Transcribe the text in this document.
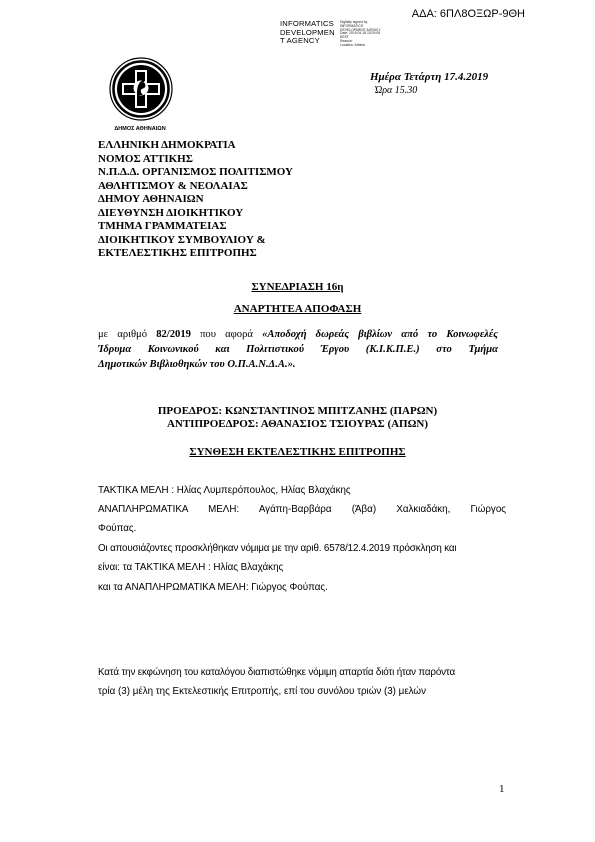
ΑΔΑ: 6ΠΛ8ΟΞΩΡ-9ΘΗ
INFORMATICS
DEVELOPMEN
T AGENCY
Digitally signed by
INFORMATICS
DEVELOPMENT AGENCY
Date: 2019.04.18 15:29:05
EEST
Reason:
Location: Athens
ΔΗΜΟΣ ΑΘΗΝΑΙΩΝ
Ημέρα Τετάρτη 17.4.2019
Ώρα 15.30
ΕΛΛΗΝΙΚΗ ΔΗΜΟΚΡΑΤΙΑ
ΝΟΜΟΣ ΑΤΤΙΚΗΣ
Ν.Π.Δ.Δ. ΟΡΓΑΝΙΣΜΟΣ ΠΟΛΙΤΙΣΜΟΥ
ΑΘΛΗΤΙΣΜΟΥ & ΝΕΟΛΑΙΑΣ
ΔΗΜΟΥ ΑΘΗΝΑΙΩΝ
ΔΙΕΥΘΥΝΣΗ ΔΙΟΙΚΗΤΙΚΟΥ
ΤΜΗΜΑ ΓΡΑΜΜΑΤΕΙΑΣ
ΔΙΟΙΚΗΤΙΚΟΥ ΣΥΜΒΟΥΛΙΟΥ &
ΕΚΤΕΛΕΣΤΙΚΗΣ ΕΠΙΤΡΟΠΗΣ
ΣΥΝΕΔΡΙΑΣΗ 16η
ΑΝΑΡΤΗΤΕΑ ΑΠΟΦΑΣΗ
με αριθμό 82/2019 που αφορά «Αποδοχή δωρεάς βιβλίων από το Κοινωφελές
Ίδρυμα Κοινωνικού και Πολιτιστικού Έργου (Κ.Ι.Κ.Π.Ε.) στο Τμήμα
Δημοτικών Βιβλιοθηκών του Ο.Π.Α.Ν.Δ.Α.».
ΠΡΟΕΔΡΟΣ: ΚΩΝΣΤΑΝΤΙΝΟΣ ΜΠΙΤΖΑΝΗΣ (ΠΑΡΩΝ)
ΑΝΤΙΠΡΟΕΔΡΟΣ: ΑΘΑΝΑΣΙΟΣ ΤΣΙΟΥΡΑΣ (ΑΠΩΝ)
ΣΥΝΘΕΣΗ ΕΚΤΕΛΕΣΤΙΚΗΣ ΕΠΙΤΡΟΠΗΣ
ΤΑΚΤΙΚΑ ΜΕΛΗ : Ηλίας Λυμπερόπουλος, Ηλίας Βλαχάκης
ΑΝΑΠΛΗΡΩΜΑΤΙΚΑ ΜΕΛΗ: Αγάπη-Βαρβάρα (Άβα) Χαλκιαδάκη, Γιώργος
Φούπας.
Οι απουσιάζοντες προσκλήθηκαν νόμιμα με την αριθ. 6578/12.4.2019 πρόσκληση και
είναι: τα ΤΑΚΤΙΚΑ ΜΕΛΗ : Ηλίας Βλαχάκης
και τα ΑΝΑΠΛΗΡΩΜΑΤΙΚΑ ΜΕΛΗ: Γιώργος Φούπας.
Κατά την εκφώνηση του καταλόγου διαπιστώθηκε νόμιμη απαρτία διότι ήταν παρόντα
τρία (3) μέλη της Εκτελεστικής Επιτροπής, επί του συνόλου τριών (3) μελών
1
